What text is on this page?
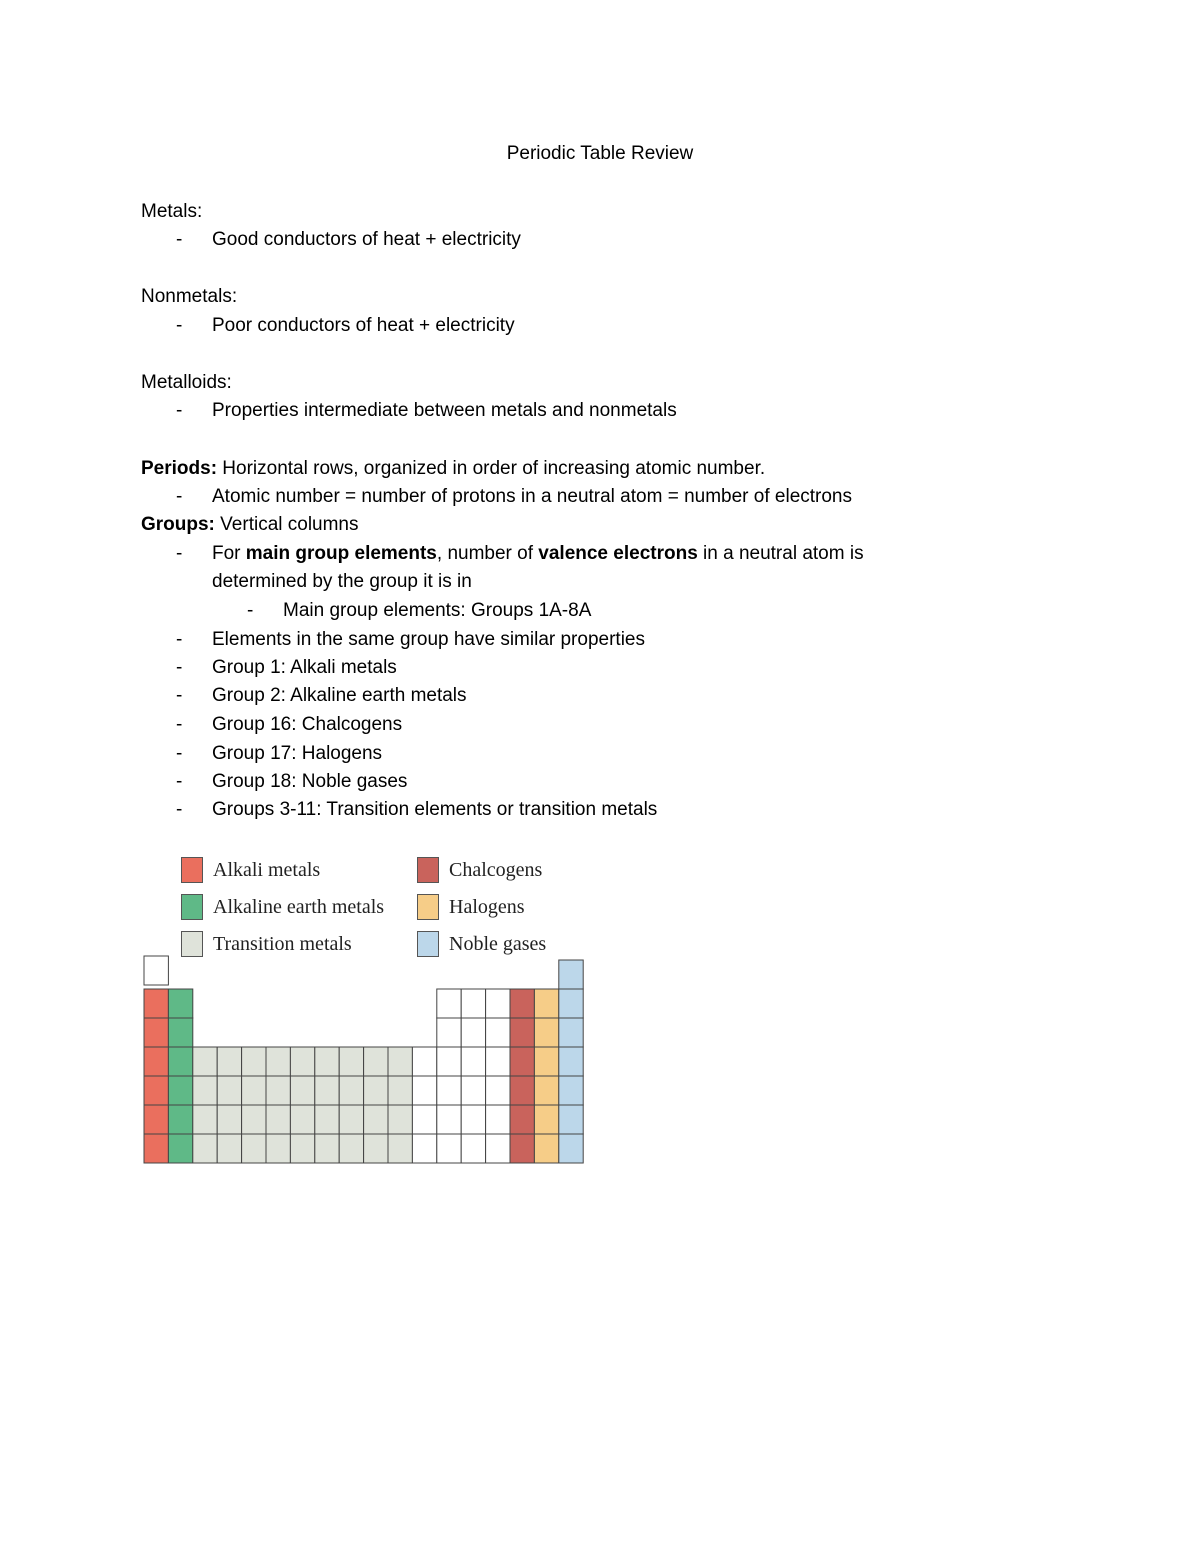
Periodic Table Review
Metals:
- Good conductors of heat + electricity
Nonmetals:
- Poor conductors of heat + electricity
Metalloids:
- Properties intermediate between metals and nonmetals
Periods: Horizontal rows, organized in order of increasing atomic number.
- Atomic number = number of protons in a neutral atom = number of electrons
Groups: Vertical columns
- For main group elements, number of valence electrons in a neutral atom is
determined by the group it is in
- Main group elements: Groups 1A-8A
- Elements in the same group have similar properties
- Group 1: Alkali metals
- Group 2: Alkaline earth metals
- Group 16: Chalcogens
- Group 17: Halogens
- Group 18: Noble gases
- Groups 3-11: Transition elements or transition metals
Alkali metals
Alkaline earth metals
Transition metals
Chalcogens
Halogens
Noble gases
